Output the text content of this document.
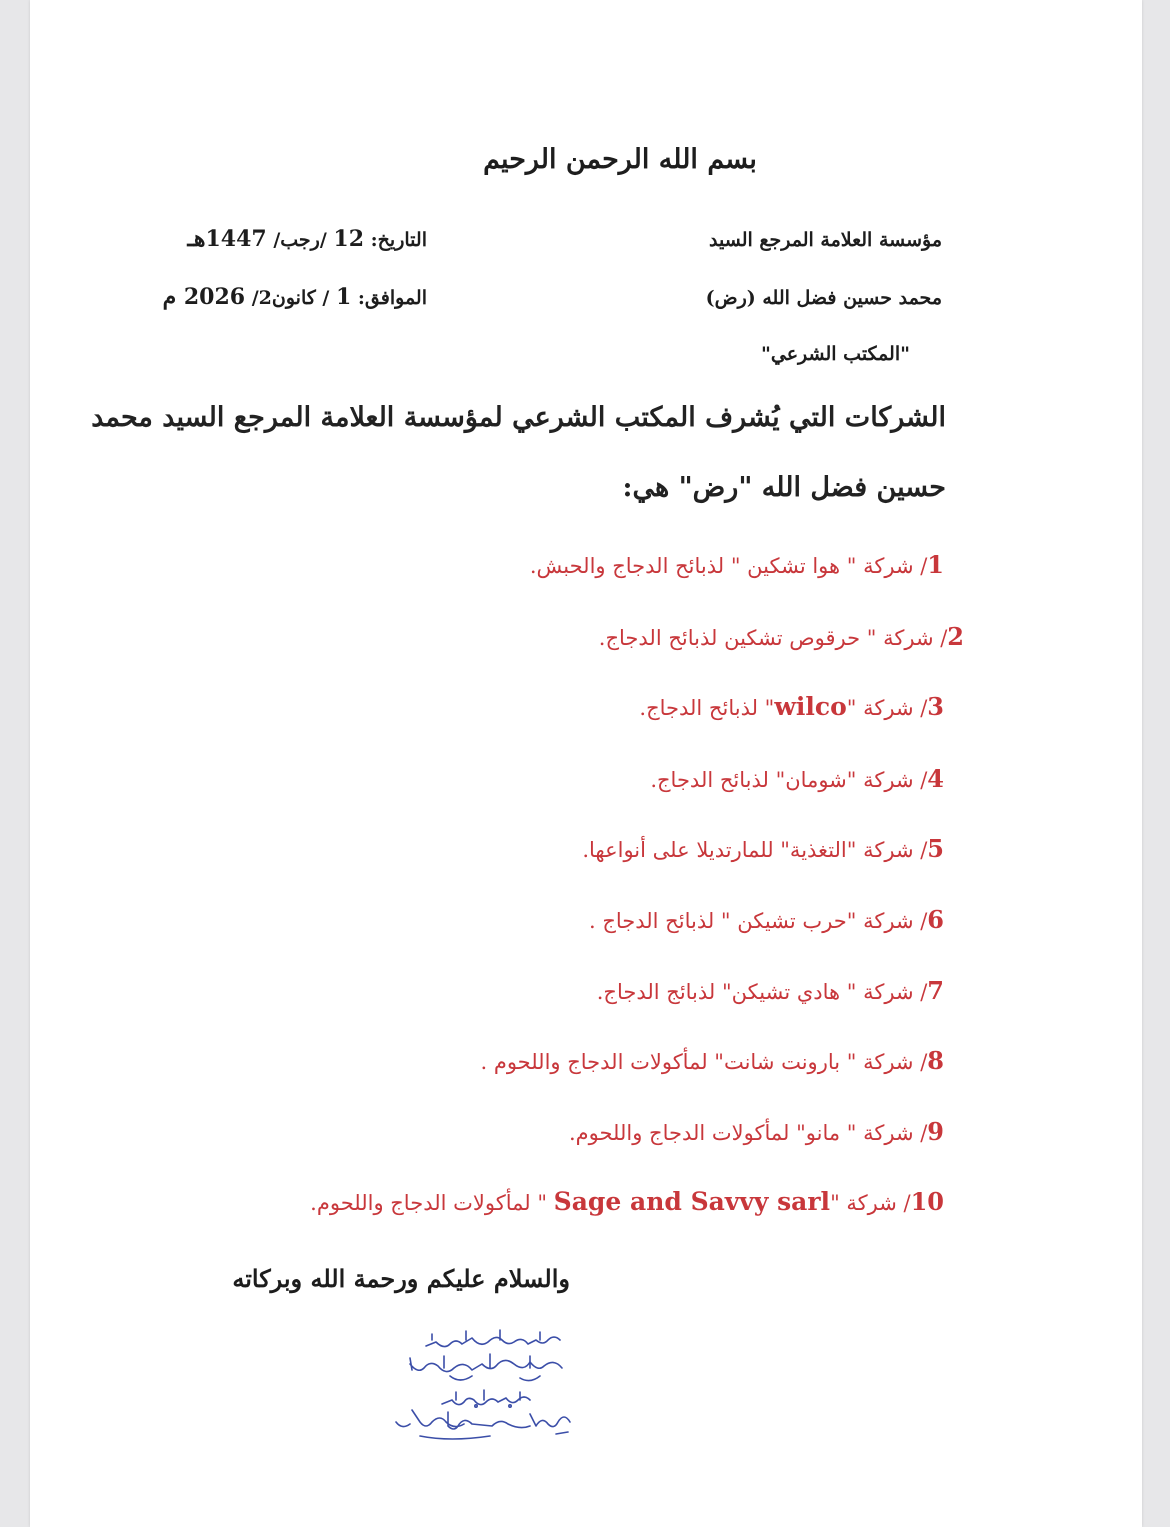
بسم الله الرحمن الرحيم
مؤسسة العلامة المرجع السيد
محمد حسين فضل الله (رض)
"المكتب الشرعي"
التاريخ: 12 /رجب/ 1447هـ
الموافق: 1 / كانون2/ 2026 م
الشركات التي يُشرف المكتب الشرعي لمؤسسة العلامة المرجع السيد محمد
حسين فضل الله "رض" هي:
1/ شركة " هوا تشكين " لذبائح الدجاج والحبش.
2/ شركة " حرقوص تشكين لذبائح الدجاج.
3/ شركة "wilco" لذبائح الدجاج.
4/ شركة "شومان" لذبائح الدجاج.
5/ شركة "التغذية" للمارتديلا على أنواعها.
6/ شركة "حرب تشيكن " لذبائح الدجاج .
7/ شركة " هادي تشيكن" لذبائج الدجاج.
8/ شركة " بارونت شانت" لمأكولات الدجاج واللحوم .
9/ شركة " مانو" لمأكولات الدجاج واللحوم.
10/ شركة "Sage and Savvy sarl " لمأكولات الدجاج واللحوم.
والسلام عليكم ورحمة الله وبركاته
